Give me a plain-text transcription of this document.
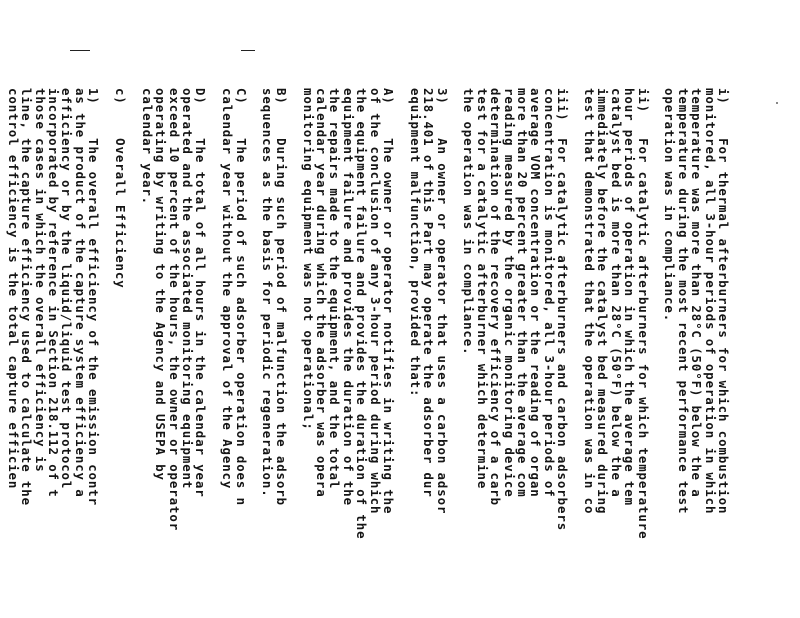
i)    For thermal afterburners for which combustion
monitored, all 3-hour periods of operation in which
temperature was more than 28°C (50°F) below the a
temperature during the most recent performance test
operation was in compliance.
ii)   For catalytic afterburners for which temperature
hour periods of operation in which the average tem
catalyst bed is more than 28°C (50°F) below the a
immediately before the catalyst bed measured during
test that demonstrated that the operation was in co
iii)  For catalytic afterburners and carbon adsorbers
concentration is monitored, all 3-hour periods of
average VOM concentration or the reading of organ
more than 20 percent greater than the average com
reading measured by the organic monitoring device
determination of the recovery efficiency of a carb
test for a catalytic afterburner which determine
the operation was in compliance.
3)    An owner or operator that uses a carbon adsor
218.401 of this Part may operate the adsorber dur
equipment malfunction, provided that:
A)    The owner or operator notifies in writing the
of the conclusion of any 3-hour period during which
the equipment failure and provides the duration of the
equipment failure and provides the duration of the
the repairs made to the equipment, and the total
calendar year during which the adsorber was opera
monitoring equipment was not operational;
B)    During such period of malfunction the adsorb
sequences as the basis for periodic regeneration.
C)    The period of such adsorber operation does n
calendar year without the approval of the Agency
D)    The total of all hours in the calendar year
operated and the associated monitoring equipment
exceed 10 percent of the hours, the owner or operator
operating by writing to the Agency and USEPA by
calendar year.
c)    Overall Efficiency
1)    The overall efficiency of the emission contr
as the product of the capture system efficiency a
efficiency or by the liquid/liquid test protocol
incorporated by reference in Section 218.112 of t
those cases in which the overall efficiency is
line, the capture efficiency used to calculate the
control efficiency is the total capture efficien
